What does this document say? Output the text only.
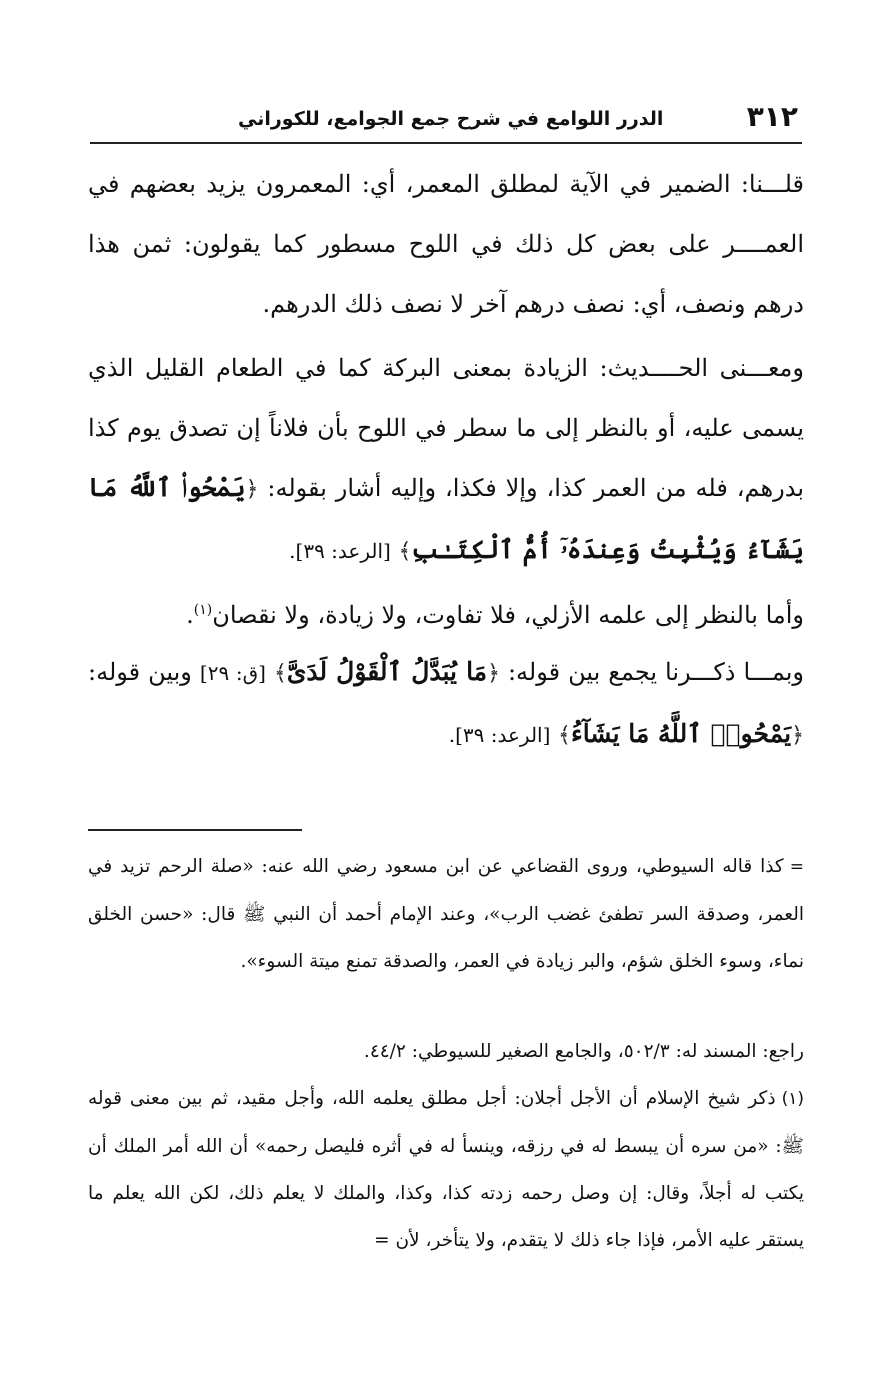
٣١٢
الدرر اللوامع في شرح جمع الجوامع، للكوراني

قلـــنا: الضمير في الآية لمطلق المعمر، أي: المعمرون يزيد بعضهم في العمــــر على بعض كل ذلك في اللوح مسطور كما يقولون: ثمن هذا درهم ونصف، أي: نصف درهم آخر لا نصف ذلك الدرهم.

ومعـــنى الحــــديث: الزيادة بمعنى البركة كما في الطعام القليل الذي يسمى عليه، أو بالنظر إلى ما سطر في اللوح بأن فلاناً إن تصدق يوم كذا بدرهم، فله من العمر كذا، وإلا فكذا، وإليه أشار بقوله: ﴿يَمْحُوا۟ ٱللَّهُ مَا يَشَآءُ وَيُثْبِتُ وَعِندَهُۥٓ أُمُّ ٱلْكِتَـٰبِ﴾ [الرعد: ٣٩].

وأما بالنظر إلى علمه الأزلي، فلا تفاوت، ولا زيادة، ولا نقصان$^{(١)}$.

وبمـــا ذكـــرنا يجمع بين قوله: ﴿مَا يُبَدَّلُ ٱلْقَوْلُ لَدَىَّ﴾ [ق: ٢٩] وبين قوله: ﴿يَمْحُوا۟ ٱللَّهُ مَا يَشَآءُ﴾ [الرعد: ٣٩].

=كذا قاله السيوطي، وروى القضاعي عن ابن مسعود رضي الله عنه: «صلة الرحم تزيد في العمر، وصدقة السر تطفئ غضب الرب»، وعند الإمام أحمد أن النبي ﷺ قال: «حسن الخلق نماء، وسوء الخلق شؤم، والبر زيادة في العمر، والصدقة تمنع ميتة السوء».

راجع: المسند له: ٥٠٢/٣، والجامع الصغير للسيوطي: ٤٤/٢.

(١)ذكر شيخ الإسلام أن الأجل أجلان: أجل مطلق يعلمه الله، وأجل مقيد، ثم بين معنى قوله ﷺ: «من سره أن يبسط له في رزقه، وينسأ له في أثره فليصل رحمه» أن الله أمر الملك أن يكتب له أجلاً، وقال: إن وصل رحمه زدته كذا، وكذا، والملك لا يعلم ذلك، لكن الله يعلم ما يستقر عليه الأمر، فإذا جاء ذلك لا يتقدم، ولا يتأخر، لأن =
